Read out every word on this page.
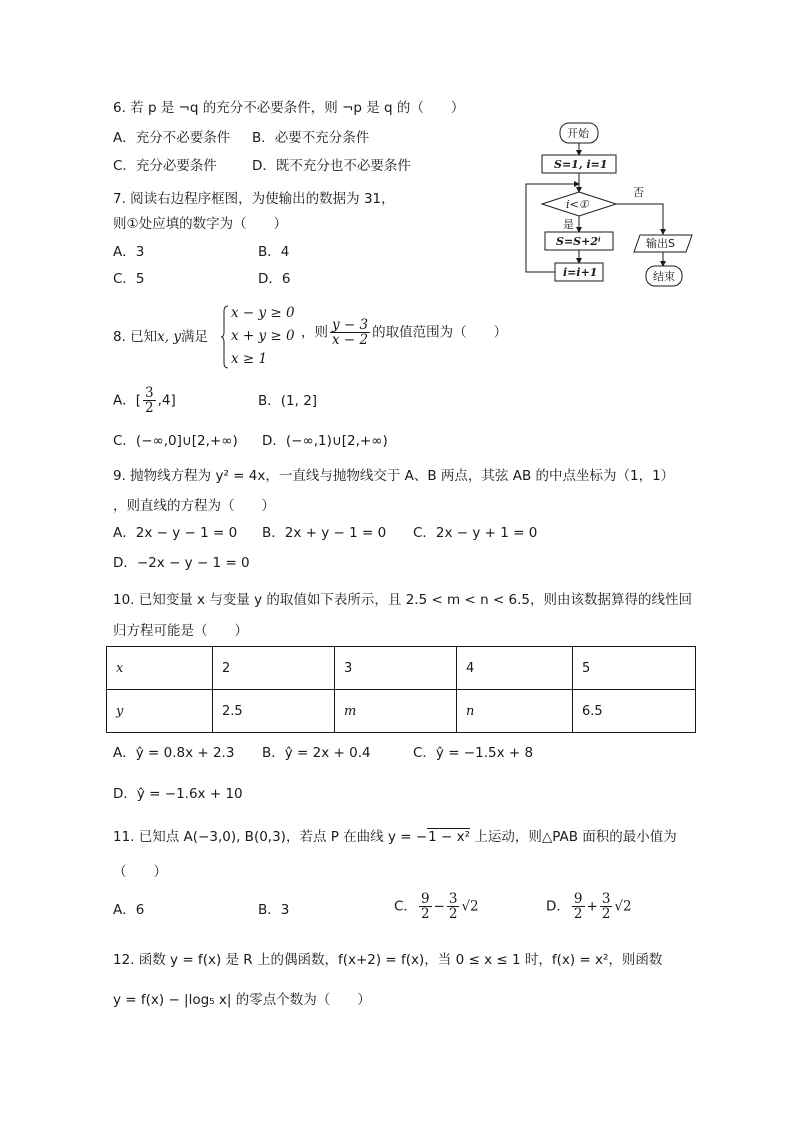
6. 若 p 是 ¬q 的充分不必要条件，则 ¬p 是 q 的（　　）
A．充分不必要条件 B．必要不充分条件
C．充分必要条件	D．既不充分也不必要条件
7. 阅读右边程序框图，为使输出的数据为 31，
则①处应填的数字为（　　）
A．3	B．4
C．5	D．6
开始
S=1, i=1
i<①
否
是
S=S+2ⁱ
i=i+1
输出S
结束
8. 已知x, y满足
x − y ≥ 0
x + y ≥ 0
x ≥ 1
，则 $\frac{y - 3}{x - 2}$ 的取值范围为（　　）
A．[ $\frac{3}{2} ,4$]	B．(1, 2]
C．(−∞,0]∪[2,+∞) D．(−∞,1)∪[2,+∞)
9. 抛物线方程为 y² = 4x，一直线与抛物线交于 A、B 两点，其弦 AB 的中点坐标为（1，1）
，则直线的方程为（　　）
A．2x − y − 1 = 0 B．2x + y − 1 = 0 C．2x − y + 1 = 0
D．−2x − y − 1 = 0
10. 已知变量 x 与变量 y 的取值如下表所示，且 2.5 < m < n < 6.5，则由该数据算得的线性回
归方程可能是（　　）
x	2	3	4	5
y	2.5	m	n	6.5
A．ŷ = 0.8x + 2.3 B．ŷ = 2x + 0.4	C．ŷ = −1.5x + 8
D．ŷ = −1.6x + 10
11. 已知点 A(−3,0), B(0,3)，若点 P 在曲线 y = −1 − x² 上运动，则△PAB 面积的最小值为
（　　）
A．6	B．3	C． $\frac{9}{2} - \frac{3}{2} √2$	D． $\frac{9}{2} + \frac{3}{2} √2$
12. 函数 y = f(x) 是 R 上的偶函数，f(x+2) = f(x)，当 0 ≤ x ≤ 1 时，f(x) = x²，则函数
y = f(x) − |log₅ x| 的零点个数为（　　）
